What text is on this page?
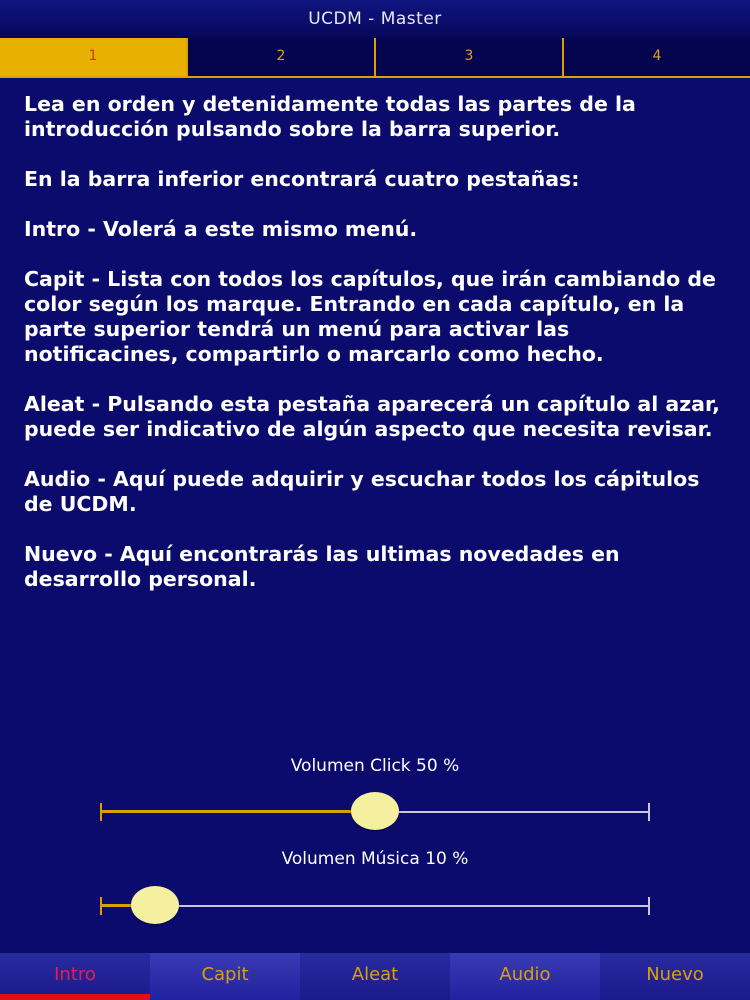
UCDM - Master
1	2	3	4

Lea en orden y detenidamente todas las partes de la introducción pulsando sobre la barra superior.

En la barra inferior encontrará cuatro pestañas:

Intro - Volerá a este mismo menú.

Capit - Lista con todos los capítulos, que irán cambiando de color según los marque. Entrando en cada capítulo, en la parte superior tendrá un menú para activar las notificacines, compartirlo o marcarlo como hecho.

Aleat - Pulsando esta pestaña aparecerá un capítulo al azar, puede ser indicativo de algún aspecto que necesita revisar.

Audio - Aquí puede adquirir y escuchar todos los cápitulos de UCDM.

Nuevo - Aquí encontrarás las ultimas novedades en desarrollo personal.

Volumen Click 50 %
Volumen Música 10 %
Intro	Capit	Aleat	Audio	Nuevo
